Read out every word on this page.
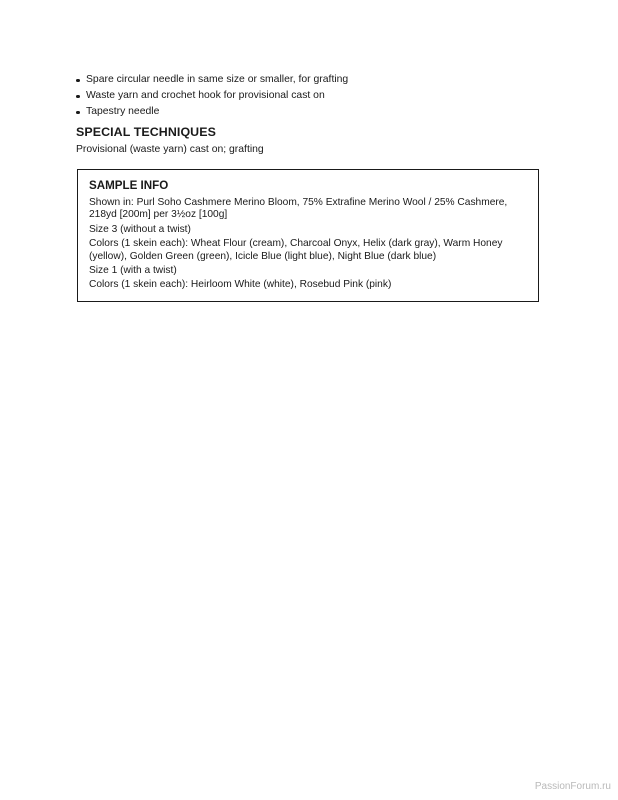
Spare circular needle in same size or smaller, for grafting
Waste yarn and crochet hook for provisional cast on
Tapestry needle
SPECIAL TECHNIQUES

Provisional (waste yarn) cast on; grafting

SAMPLE INFO

Shown in: Purl Soho Cashmere Merino Bloom, 75% Extrafine Merino Wool / 25% Cashmere, 218yd [200m] per 3½oz [100g]

Size 3 (without a twist)

Colors (1 skein each): Wheat Flour (cream), Charcoal Onyx, Helix (dark gray), Warm Honey (yellow), Golden Green (green), Icicle Blue (light blue), Night Blue (dark blue)

Size 1 (with a twist)

Colors (1 skein each): Heirloom White (white), Rosebud Pink (pink)

PassionForum.ru
